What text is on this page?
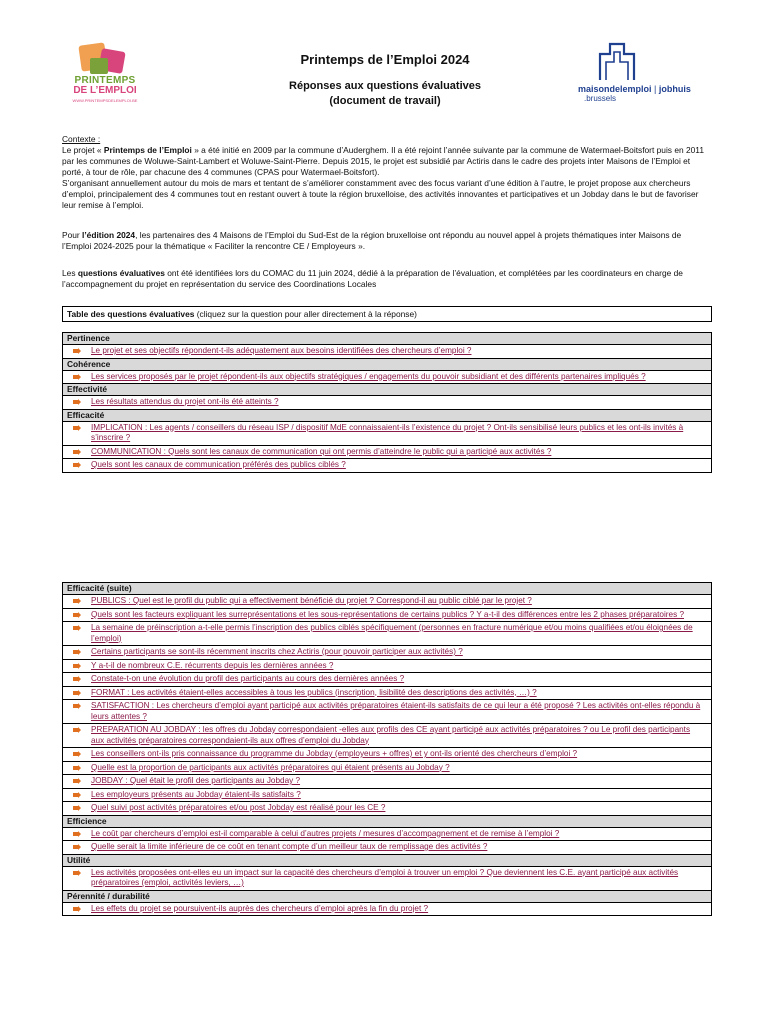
PRINTEMPS
DE L’EMPLOI
WWW.PRINTEMPSDELEMPLOI.BE
Printemps de l’Emploi 2024
Réponses aux questions évaluatives
(document de travail)
maisondelemploi | jobhuis
.brussels

Contexte :

Le projet « Printemps de l’Emploi » a été initié en 2009 par la commune d’Auderghem. Il a été rejoint l’année suivante par la commune de Watermael-Boitsfort puis en 2011 par les communes de Woluwe-Saint-Lambert et Woluwe-Saint-Pierre. Depuis 2015, le projet est subsidié par Actiris dans le cadre des projets inter Maisons de l’Emploi et porté, à tour de rôle, par chacune des 4 communes (CPAS pour Watermael-Boitsfort).

S’organisant annuellement autour du mois de mars et tentant de s’améliorer constamment avec des focus variant d’une édition à l’autre, le projet propose aux chercheurs d’emploi, principalement des 4 communes tout en restant ouvert à toute la région bruxelloise, des activités innovantes et participatives et un Jobday dans le but de favoriser leur remise à l’emploi.

Pour l’édition 2024, les partenaires des 4 Maisons de l’Emploi du Sud-Est de la région bruxelloise ont répondu au nouvel appel à projets thématiques inter Maisons de l’Emploi 2024-2025 pour la thématique « Faciliter la rencontre CE / Employeurs ».

Les questions évaluatives ont été identifiées lors du COMAC du 11 juin 2024, dédié à la préparation de l’évaluation, et complétées par les coordinateurs en charge de l’accompagnement du projet en représentation du service des Coordinations Locales

Table des questions évaluatives (cliquez sur la question pour aller directement à la réponse)
Pertinence
Le projet et ses objectifs répondent-t-ils adéquatement aux besoins identifiées des chercheurs d’emploi ?
Cohérence
Les services proposés par le projet répondent-ils aux objectifs stratégiques / engagements du pouvoir subsidiant et des différents partenaires impliqués ?
Effectivité
Les résultats attendus du projet ont-ils été atteints ?
Efficacité
IMPLICATION : Les agents / conseillers du réseau ISP / dispositif MdE connaissaient-ils l’existence du projet ? Ont-ils sensibilisé leurs publics et les ont-ils invités à s’inscrire ?
COMMUNICATION : Quels sont les canaux de communication qui ont permis d’atteindre le public qui a participé aux activités ?
Quels sont les canaux de communication préférés des publics ciblés ?
Efficacité (suite)
PUBLICS : Quel est le profil du public qui a effectivement bénéficié du projet ? Correspond-il au public ciblé par le projet ?
Quels sont les facteurs expliquant les surreprésentations et les sous-représentations de certains publics ? Y a-t-il des différences entre les 2 phases préparatoires ?
La semaine de préinscription a-t-elle permis l’inscription des publics ciblés spécifiquement (personnes en fracture numérique et/ou moins qualifiées et/ou éloignées de l’emploi)
Certains participants se sont-ils récemment inscrits chez Actiris (pour pouvoir participer aux activités) ?
Y a-t-il de nombreux C.E. récurrents depuis les dernières années ?
Constate-t-on une évolution du profil des participants au cours des dernières années ?
FORMAT : Les activités étaient-elles accessibles à tous les publics (inscription, lisibilité des descriptions des activités, …) ?
SATISFACTION : Les chercheurs d’emploi ayant participé aux activités préparatoires étaient-ils satisfaits de ce qui leur a été proposé ? Les activités ont-elles répondu à leurs attentes ?
PREPARATION AU JOBDAY : les offres du Jobday correspondaient -elles aux profils des CE ayant participé aux activités préparatoires ? ou Le profil des participants aux activités préparatoires correspondaient-ils aux offres d’emploi du Jobday
Les conseillers ont-ils pris connaissance du programme du Jobday (employeurs + offres) et y ont-ils orienté des chercheurs d’emploi ?
Quelle est la proportion de participants aux activités préparatoires qui étaient présents au Jobday ?
JOBDAY : Quel était le profil des participants au Jobday ?
Les employeurs présents au Jobday étaient-ils satisfaits ?
Quel suivi post activités préparatoires et/ou post Jobday est réalisé pour les CE ?
Efficience
Le coût par chercheurs d’emploi est-il comparable à celui d’autres projets / mesures d’accompagnement et de remise à l’emploi ?
Quelle serait la limite inférieure de ce coût en tenant compte d’un meilleur taux de remplissage des activités ?
Utilité
Les activités proposées ont-elles eu un impact sur la capacité des chercheurs d’emploi à trouver un emploi ? Que deviennent les C.E. ayant participé aux activités préparatoires (emploi, activités leviers, …)
Pérennité / durabilité
Les effets du projet se poursuivent-ils auprès des chercheurs d’emploi après la fin du projet ?
